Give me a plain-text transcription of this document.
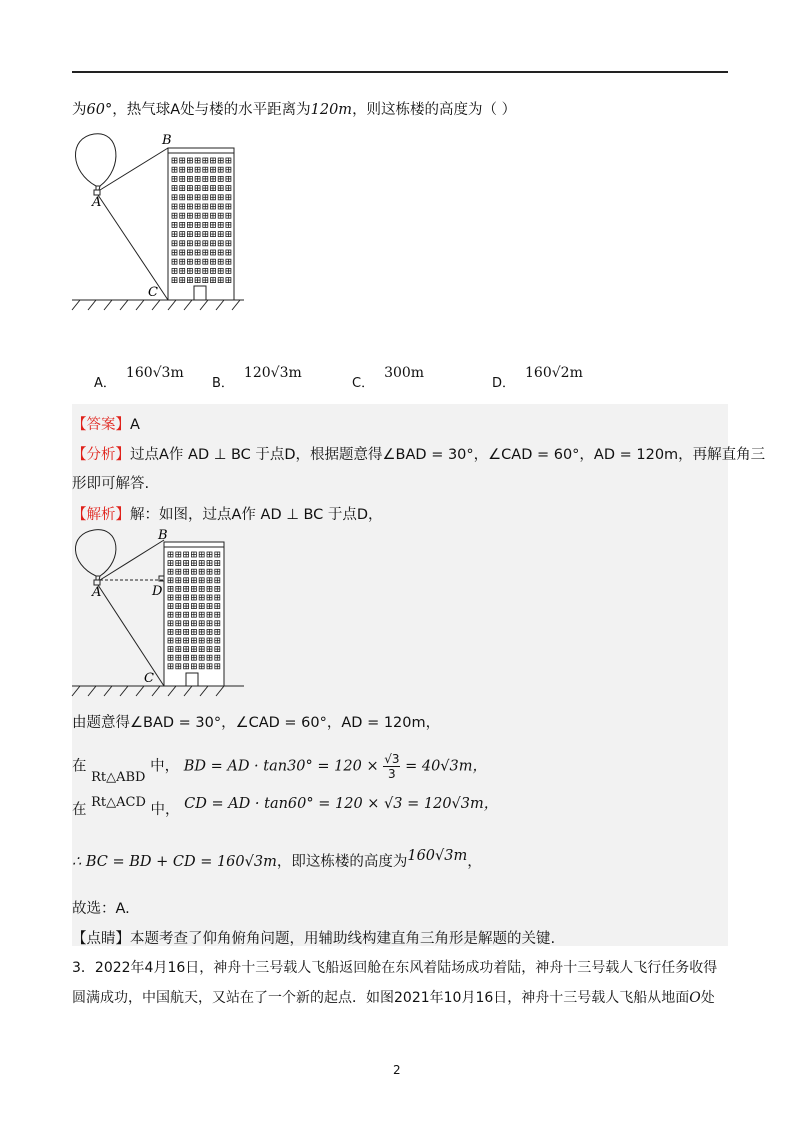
为60°，热气球A处与楼的水平距离为120m，则这栋楼的高度为（ ）
B
A
C
A．160√3m
B．120√3m
C．300m
D．160√2m
【答案】A
【分析】过点A作 AD ⊥ BC 于点D，根据题意得∠BAD = 30°，∠CAD = 60°，AD = 120m，再解直角三
形即可解答.
【解析】解：如图，过点A作 AD ⊥ BC 于点D，
B
A	D
C
由题意得∠BAD = 30°，∠CAD = 60°，AD = 120m，
在 Rt△ABD 中， BD = AD · $\tan 30^\circ = 120 \times \frac{√3}{3} = 40√3m$，
在 Rt△ACD 中， CD = AD · tan60° = 120 × √3 = 120√3m，
∴ BC = BD + CD = 160√3m，即这栋楼的高度为160√3m，
故选：A.
【点睛】本题考查了仰角俯角问题，用辅助线构建直角三角形是解题的关键.
3．2022年4月16日，神舟十三号载人飞船返回舱在东风着陆场成功着陆，神舟十三号载人飞行任务收得
圆满成功，中国航天，又站在了一个新的起点．如图2021年10月16日，神舟十三号载人飞船从地面O处
2
